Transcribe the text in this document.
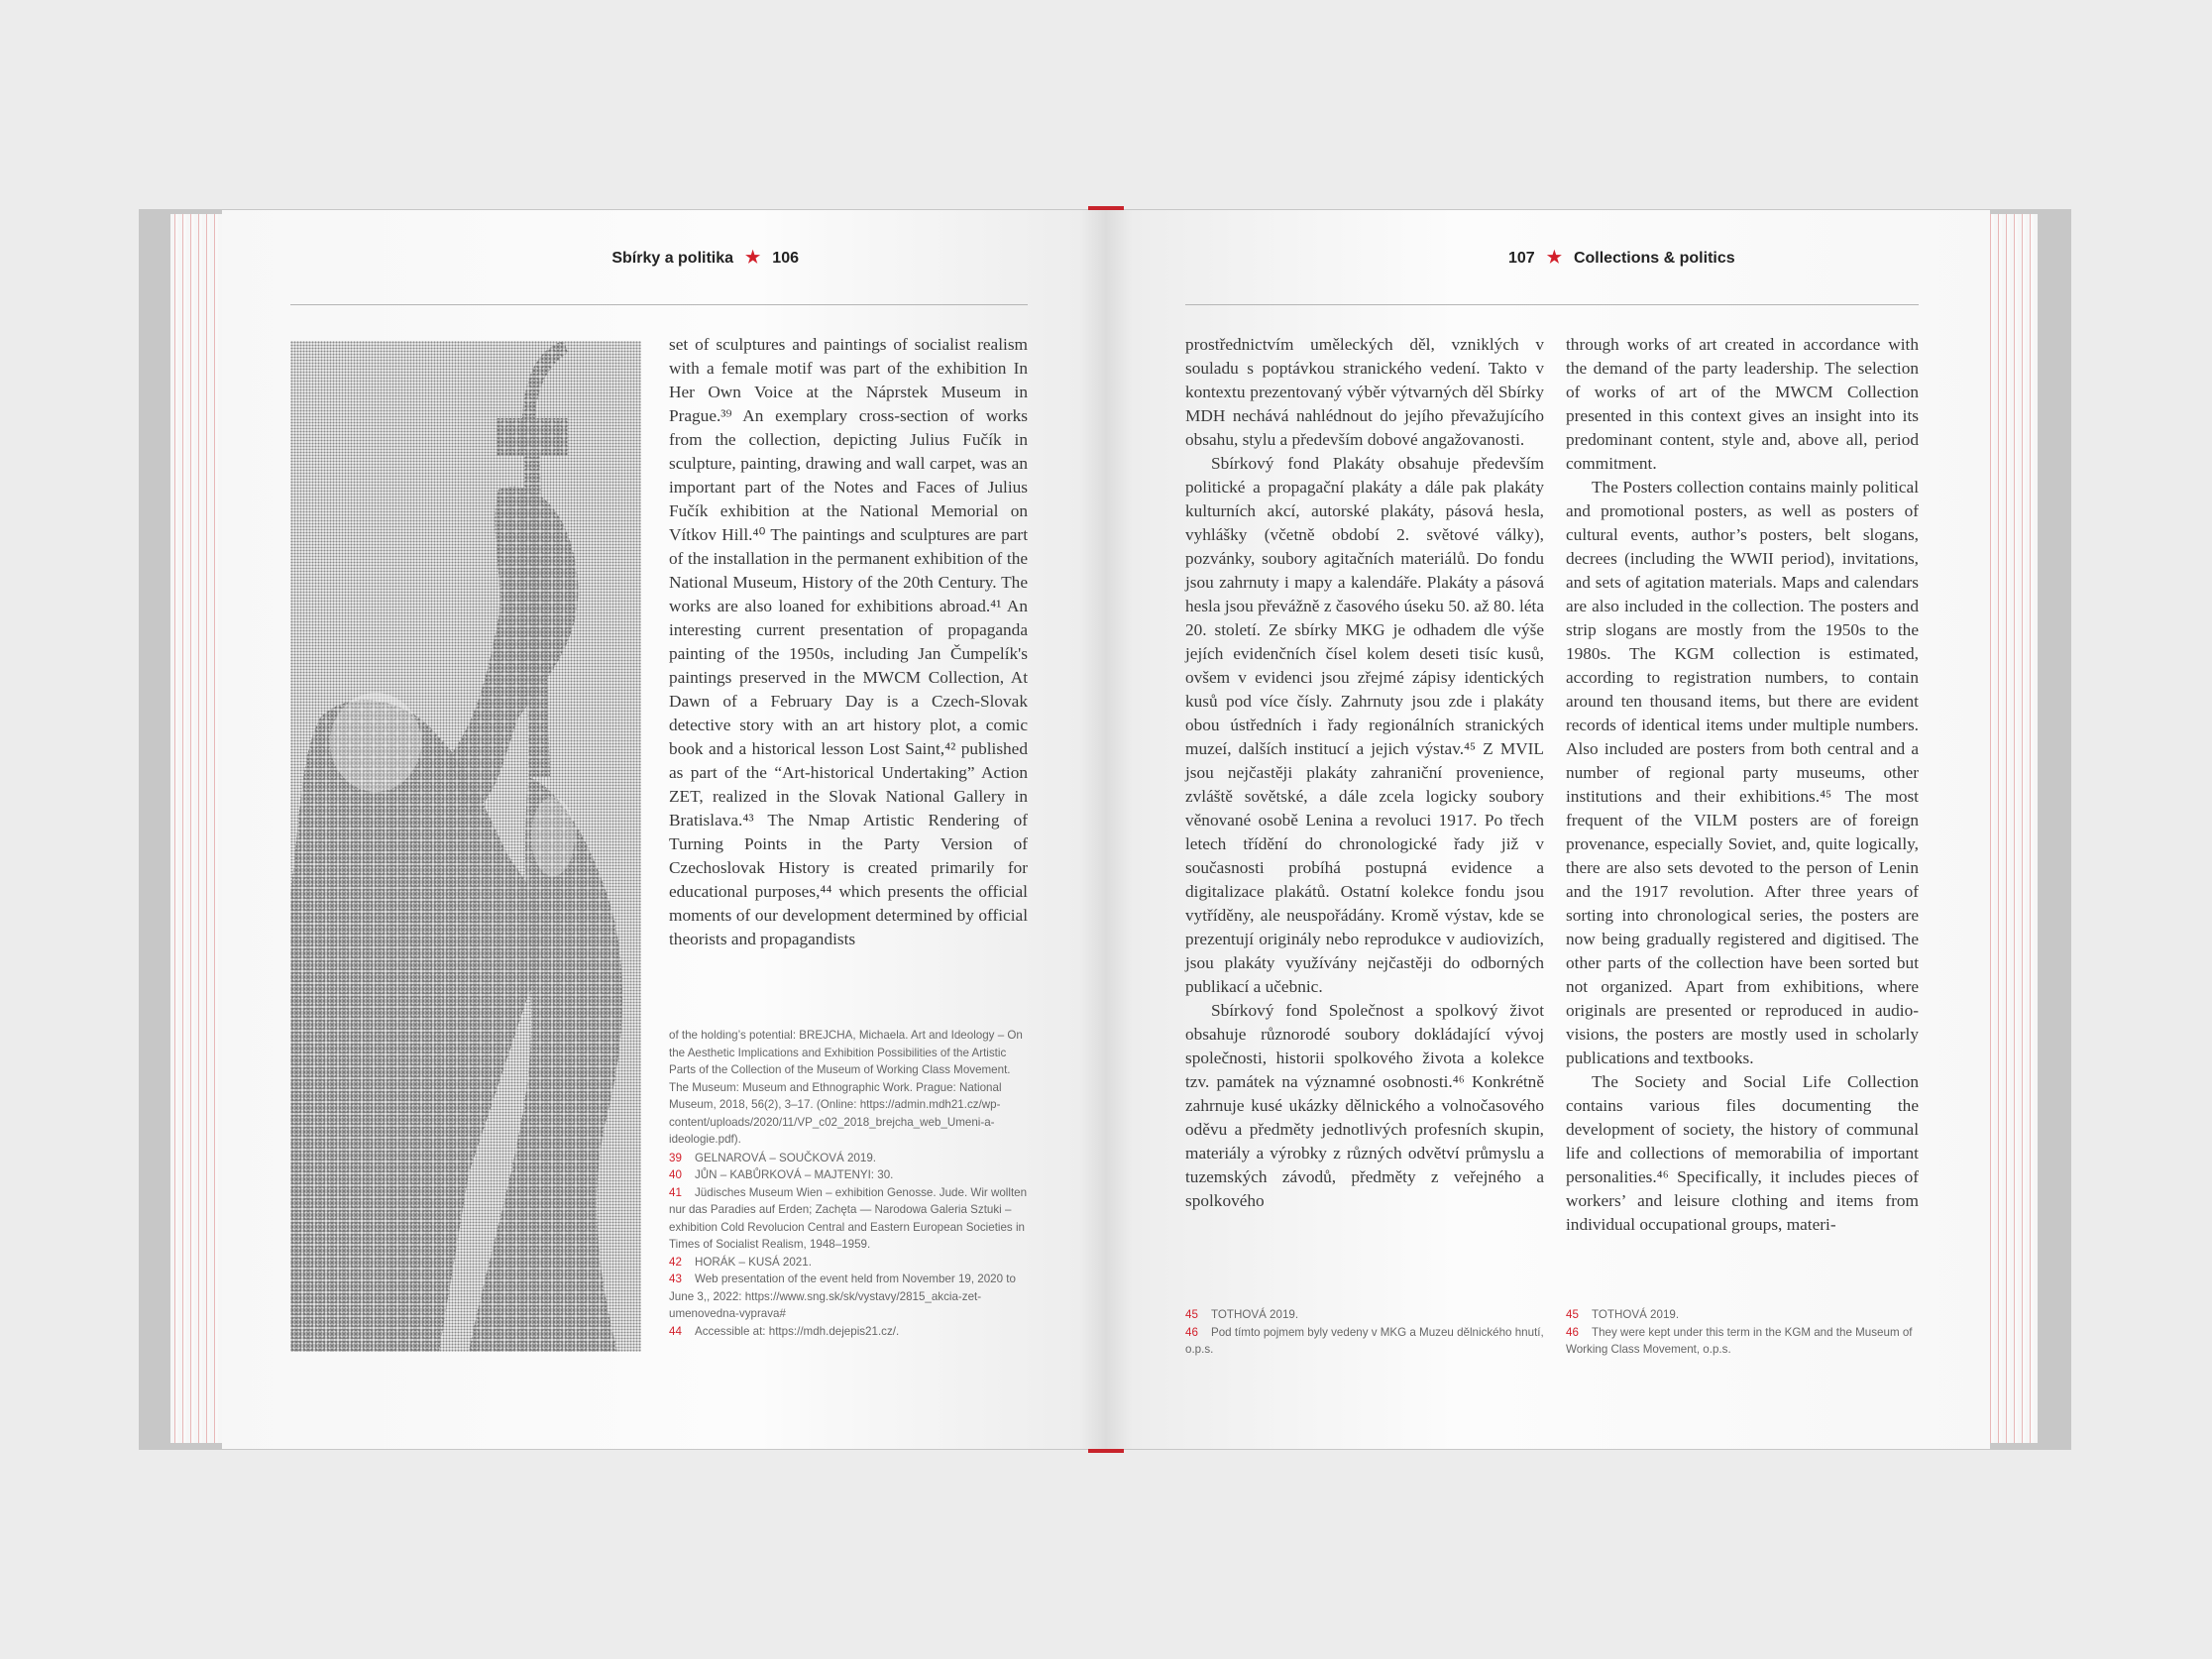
Sbírky a politika ★ 106

set of sculptures and paintings of socialist realism with a female motif was part of the exhibition In Her Own Voice at the Náprstek Museum in Prague.³⁹ An exemplary cross-section of works from the collection, depicting Julius Fučík in sculpture, painting, drawing and wall carpet, was an important part of the Notes and Faces of Julius Fučík exhibition at the National Memorial on Vítkov Hill.⁴⁰ The paintings and sculptures are part of the installation in the permanent exhibition of the National Museum, History of the 20th Century. The works are also loaned for exhibitions abroad.⁴¹ An interesting current presentation of propaganda painting of the 1950s, including Jan Čumpelík's paintings preserved in the MWCM Collection, At Dawn of a February Day is a Czech-Slovak detective story with an art history plot, a comic book and a historical lesson Lost Saint,⁴² published as part of the “Art-historical Undertaking” Action ZET, realized in the Slovak National Gallery in Bratislava.⁴³ The Nmap Artistic Rendering of Turning Points in the Party Version of Czechoslovak History is created primarily for educational purposes,⁴⁴ which presents the official moments of our development determined by official theorists and propagandists

of the holding’s potential: BREJCHA, Michaela. Art and Ideology – On the Aesthetic Implications and Exhibition Possibilities of the Artistic Parts of the Collection of the Museum of Working Class Movement. The Museum: Museum and Ethnographic Work. Prague: National Museum, 2018, 56(2), 3–17. (Online: https://admin.mdh21.cz/wp-content/uploads/2020/11/VP_c02_2018_brejcha_web_Umeni-a-ideologie.pdf).

39 GELNAROVÁ – SOUČKOVÁ 2019.

40 JŮN – KABŮRKOVÁ – MAJTENYI: 30.

41 Jüdisches Museum Wien – exhibition Genosse. Jude. Wir wollten nur das Paradies auf Erden; Zachęta — Narodowa Galeria Sztuki – exhibition Cold Revolucion Central and Eastern European Societies in Times of Socialist Realism, 1948–1959.

42 HORÁK – KUSÁ 2021.

43 Web presentation of the event held from November 19, 2020 to June 3,, 2022: https://www.sng.sk/sk/vystavy/2815_akcia-zet-umenovedna-vyprava#

44 Accessible at: https://mdh.dejepis21.cz/.

107 ★ Collections & politics

prostřednictvím uměleckých děl, vzniklých v souladu s poptávkou stranického vedení. Takto v kontextu prezentovaný výběr výtvarných děl Sbírky MDH nechává nahlédnout do jejího převažujícího obsahu, stylu a především dobové angažovanosti.

Sbírkový fond Plakáty obsahuje především politické a propagační plakáty a dále pak plakáty kulturních akcí, autorské plakáty, pásová hesla, vyhlášky (včetně období 2. světové války), pozvánky, soubory agitačních materiálů. Do fondu jsou zahrnuty i mapy a kalendáře. Plakáty a pásová hesla jsou převážně z časového úseku 50. až 80. léta 20. století. Ze sbírky MKG je odhadem dle výše jejích evidenčních čísel kolem deseti tisíc kusů, ovšem v evidenci jsou zřejmé zápisy identických kusů pod více čísly. Zahrnuty jsou zde i plakáty obou ústředních i řady regionálních stranických muzeí, dalších institucí a jejich výstav.⁴⁵ Z MVIL jsou nejčastěji plakáty zahraniční provenience, zvláště sovětské, a dále zcela logicky soubory věnované osobě Lenina a revoluci 1917. Po třech letech třídění do chronologické řady již v současnosti probíhá postupná evidence a digitalizace plakátů. Ostatní kolekce fondu jsou vytříděny, ale neuspořádány. Kromě výstav, kde se prezentují originály nebo reprodukce v audiovizích, jsou plakáty využívány nejčastěji do odborných publikací a učebnic.

Sbírkový fond Společnost a spolkový život obsahuje různorodé soubory dokládající vývoj společnosti, historii spolkového života a kolekce tzv. památek na významné osobnosti.⁴⁶ Konkrétně zahrnuje kusé ukázky dělnického a volnočasového oděvu a předměty jednotlivých profesních skupin, materiály a výrobky z různých odvětví průmyslu a tuzemských závodů, předměty z veřejného a spolkového

through works of art created in accordance with the demand of the party leadership. The selection of works of art of the MWCM Collection presented in this context gives an insight into its predominant content, style and, above all, period commitment.

The Posters collection contains mainly political and promotional posters, as well as posters of cultural events, author’s posters, belt slogans, decrees (including the WWII period), invitations, and sets of agitation materials. Maps and calendars are also included in the collection. The posters and strip slogans are mostly from the 1950s to the 1980s. The KGM collection is estimated, according to registration numbers, to contain around ten thousand items, but there are evident records of identical items under multiple numbers. Also included are posters from both central and a number of regional party museums, other institutions and their exhibitions.⁴⁵ The most frequent of the VILM posters are of foreign provenance, especially Soviet, and, quite logically, there are also sets devoted to the person of Lenin and the 1917 revolution. After three years of sorting into chronological series, the posters are now being gradually registered and digitised. The other parts of the collection have been sorted but not organized. Apart from exhibitions, where originals are presented or reproduced in audio-visions, the posters are mostly used in scholarly publications and textbooks.

The Society and Social Life Collection contains various files documenting the development of society, the history of communal life and collections of memorabilia of important personalities.⁴⁶ Specifically, it includes pieces of workers’ and leisure clothing and items from individual occupational groups, materi-

45 TOTHOVÁ 2019.

46 Pod tímto pojmem byly vedeny v MKG a Muzeu dělnického hnutí, o.p.s.

45 TOTHOVÁ 2019.

46 They were kept under this term in the KGM and the Museum of Working Class Movement, o.p.s.
